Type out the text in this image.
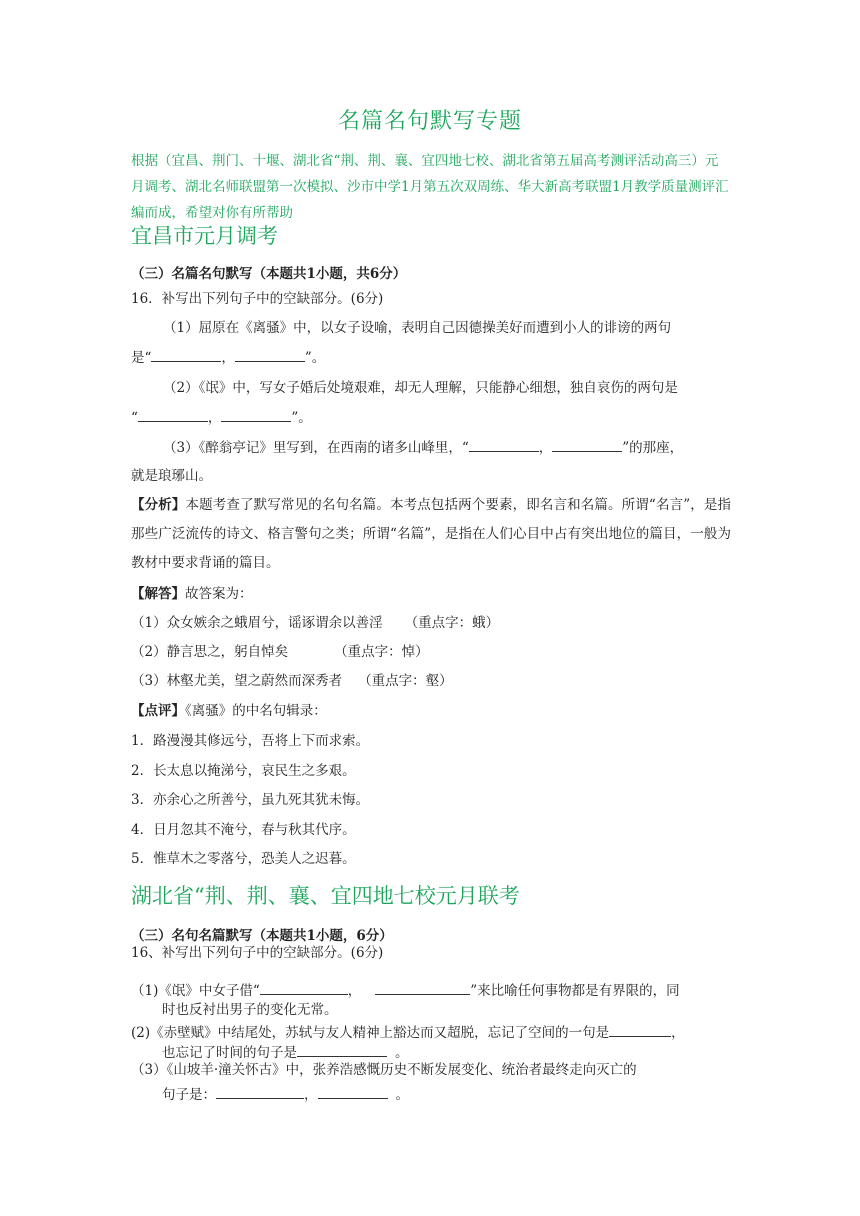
名篇名句默写专题
根据（宜昌、荆门、十堰、湖北省“荆、荆、襄、宜四地七校、湖北省第五届高考测评活动高三）元月调考、湖北名师联盟第一次模拟、沙市中学1月第五次双周练、华大新高考联盟1月教学质量测评汇编而成，希望对你有所帮助
宜昌市元月调考
（三）名篇名句默写（本题共1小题，共6分）
16．补写出下列句子中的空缺部分。(6分)
（1）屈原在《离骚》中，以女子设喻，表明自己因德操美好而遭到小人的诽谤的两句
是“	，	”。
（2）《氓》中，写女子婚后处境艰难，却无人理解，只能静心细想，独自哀伤的两句是
“	，	”。
（3）《醉翁亭记》里写到，在西南的诸多山峰里，“	，	”的那座，
就是琅琊山。
【分析】本题考查了默写常见的名句名篇。本考点包括两个要素，即名言和名篇。所谓“名言”，是指那些广泛流传的诗文、格言警句之类；所谓“名篇”，是指在人们心目中占有突出地位的篇目，一般为教材中要求背诵的篇目。
【解答】故答案为：
（1）众女嫉余之蛾眉兮，谣诼谓余以善淫 （重点字：蛾）
（2）静言思之，躬自悼矣	（重点字：悼）
（3）林壑尤美，望之蔚然而深秀者 （重点字：壑）
【点评】《离骚》的中名句辑录：
1．路漫漫其修远兮，吾将上下而求索。
2．长太息以掩涕兮，哀民生之多艰。
3．亦余心之所善兮，虽九死其犹未悔。
4．日月忽其不淹兮，春与秋其代序。
5．惟草木之零落兮，恐美人之迟暮。
湖北省“荆、荆、襄、宜四地七校元月联考
（三）名句名篇默写（本题共1小题，6分）
16、补写出下列句子中的空缺部分。(6分)
（1)《氓》中女子借“	，	”来比喻任何事物都是有界限的，同
时也反衬出男子的变化无常。
(2)《赤壁赋》中结尾处，苏轼与友人精神上豁达而又超脱，忘记了空间的一句是	，
也忘记了时间的句子是	。
（3）《山坡羊·潼关怀古》中，张养浩感慨历史不断发展变化、统治者最终走向灭亡的
句子是：	，	。
